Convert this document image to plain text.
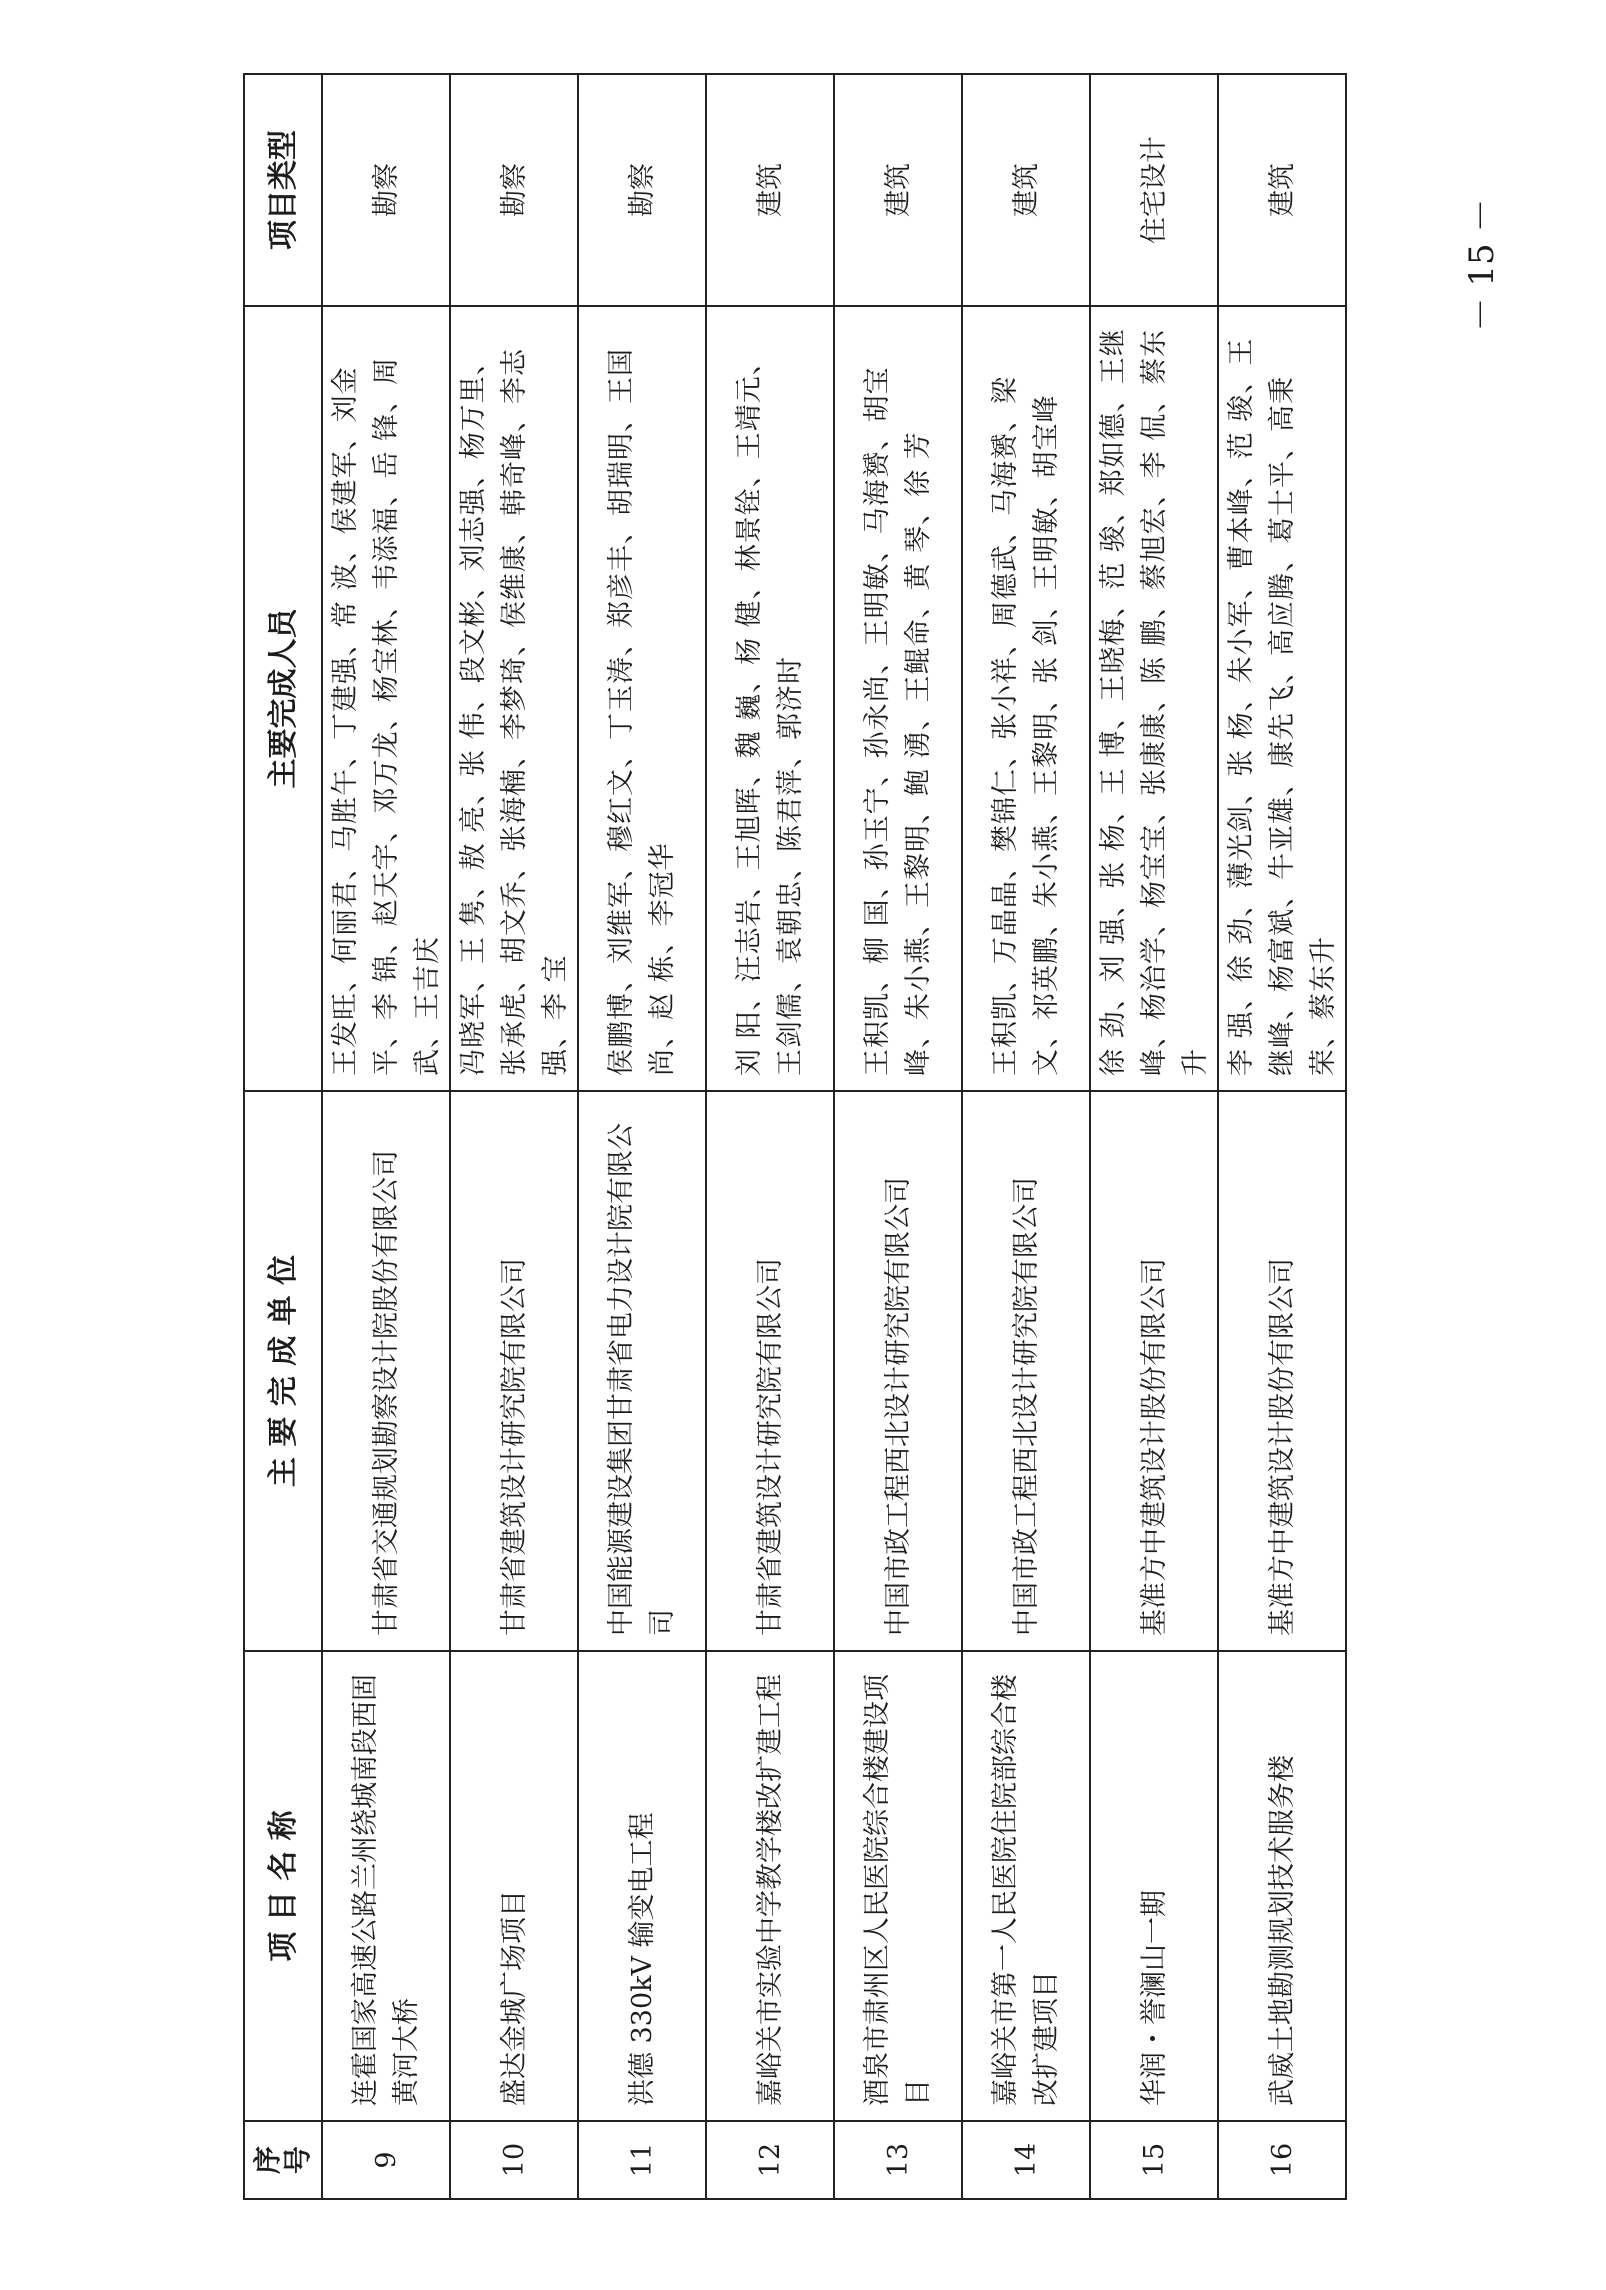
序号	项 目 名 称	主 要 完 成 单 位	主要完成人员	项目类型
9	连霍国家高速公路兰州绕城南段西固黄河大桥	甘肃省交通规划勘察设计院股份有限公司	王发旺、何丽君、马胜午、丁建强、常 波、侯建军、刘金平、李 锦、赵天宇、邓万龙、杨宝林、韦添福、岳 锋、周 武、王吉庆	勘察
10	盛达金城广场项目	甘肃省建筑设计研究院有限公司	冯晓军、王 隽、敖 亮、张 伟、段文彬、刘志强、杨万里、张承虎、胡文乔、张海楠、李梦琦、侯维康、韩奇峰、李志强、李 宝	勘察
11	洪德 330kV 输变电工程	中国能源建设集团甘肃省电力设计院有限公司	侯鹏博、刘维军、穆红文、丁玉涛、郑彦丰、胡瑞明、王国尚、赵 栋、李冠华	勘察
12	嘉峪关市实验中学教学楼改扩建工程	甘肃省建筑设计研究院有限公司	刘 阳、汪志岩、王旭晖、魏 巍、杨 健、林景铨、王靖元、王剑儒、袁朝忠、陈君萍、郭济时	建筑
13	酒泉市肃州区人民医院综合楼建设项目	中国市政工程西北设计研究院有限公司	王积凯、柳 国、孙玉宁、孙永尚、王明敏、马海赟、胡宝峰、朱小燕、王黎明、鲍 湧、王鲲命、黄 琴、徐 芳	建筑
14	嘉峪关市第一人民医院住院部综合楼改扩建项目	中国市政工程西北设计研究院有限公司	王积凯、万晶晶、樊锦仁、张小祥、周德武、马海赟、梁 文、祁英鹏、朱小燕、王黎明、张 剑、王明敏、胡宝峰	建筑
15	华润・誉澜山一期	基准方中建筑设计股份有限公司	徐 劲、刘 强、张 杨、王 博、王晓梅、范 骏、郑如德、王继峰、杨治学、杨宝宝、张康康、陈 鹏、蔡旭宏、李 侃、蔡东升	住宅设计
16	武威土地勘测规划技术服务楼	基准方中建筑设计股份有限公司	李 强、徐 劲、薄光剑、张 杨、朱小军、曹本峰、范 骏、王继峰、杨富斌、牛亚雄、康先飞、高应腾、葛士平、高秉荣、蔡东升	建筑
－ 15 －
